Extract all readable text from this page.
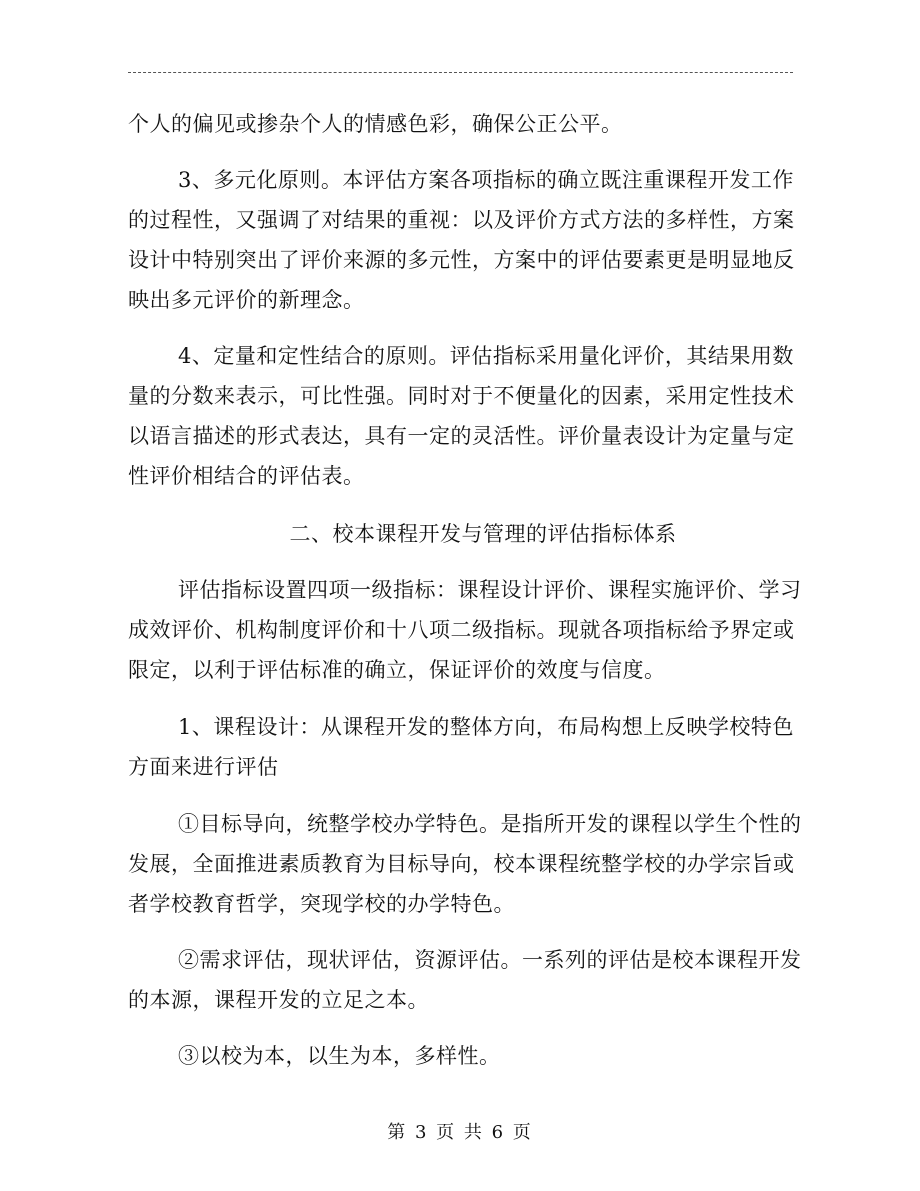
个人的偏见或掺杂个人的情感色彩，确保公正公平。
3、多元化原则。本评估方案各项指标的确立既注重课程开发工作
的过程性，又强调了对结果的重视：以及评价方式方法的多样性，方案
设计中特别突出了评价来源的多元性，方案中的评估要素更是明显地反
映出多元评价的新理念。
4、定量和定性结合的原则。评估指标采用量化评价，其结果用数
量的分数来表示，可比性强。同时对于不便量化的因素，采用定性技术
以语言描述的形式表达，具有一定的灵活性。评价量表设计为定量与定
性评价相结合的评估表。
二、校本课程开发与管理的评估指标体系
评估指标设置四项一级指标：课程设计评价、课程实施评价、学习
成效评价、机构制度评价和十八项二级指标。现就各项指标给予界定或
限定，以利于评估标准的确立，保证评价的效度与信度。
1、课程设计：从课程开发的整体方向，布局构想上反映学校特色
方面来进行评估
①目标导向，统整学校办学特色。是指所开发的课程以学生个性的
发展，全面推进素质教育为目标导向，校本课程统整学校的办学宗旨或
者学校教育哲学，突现学校的办学特色。
②需求评估，现状评估，资源评估。一系列的评估是校本课程开发
的本源，课程开发的立足之本。
③以校为本，以生为本，多样性。
第 3 页 共 6 页
